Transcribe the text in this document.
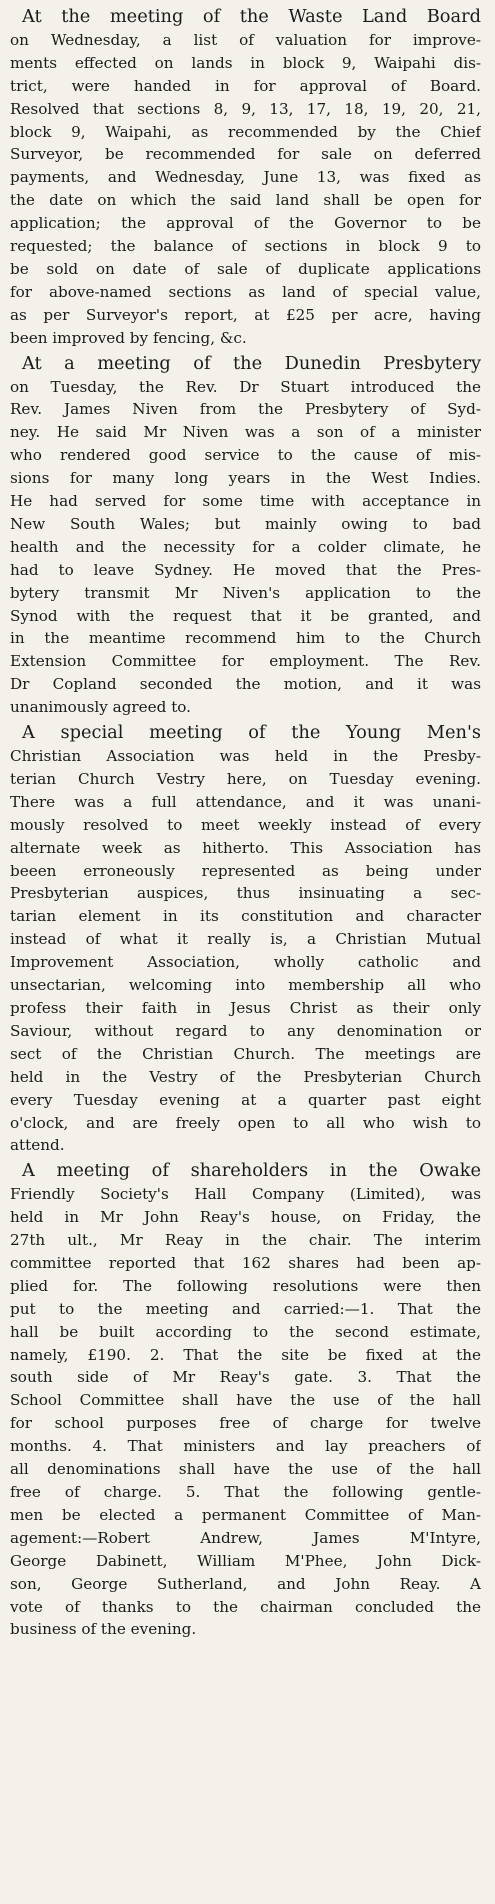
At the meeting of the Waste Land Board
on Wednesday, a list of valuation for improve-
ments effected on lands in block 9, Waipahi dis-
trict, were handed in for approval of Board.
Resolved that sections 8, 9, 13, 17, 18, 19, 20, 21,
block 9, Waipahi, as recommended by the Chief
Surveyor, be recommended for sale on deferred
payments, and Wednesday, June 13, was fixed as
the date on which the said land shall be open for
application; the approval of the Governor to be
requested; the balance of sections in block 9 to
be sold on date of sale of duplicate applications
for above-named sections as land of special value,
as per Surveyor's report, at £25 per acre, having
been improved by fencing, &c.
At a meeting of the Dunedin Presbytery
on Tuesday, the Rev. Dr Stuart introduced the
Rev. James Niven from the Presbytery of Syd-
ney. He said Mr Niven was a son of a minister
who rendered good service to the cause of mis-
sions for many long years in the West Indies.
He had served for some time with acceptance in
New South Wales; but mainly owing to bad
health and the necessity for a colder climate, he
had to leave Sydney. He moved that the Pres-
bytery transmit Mr Niven's application to the
Synod with the request that it be granted, and
in the meantime recommend him to the Church
Extension Committee for employment. The Rev.
Dr Copland seconded the motion, and it was
unanimously agreed to.
A special meeting of the Young Men's
Christian Association was held in the Presby-
terian Church Vestry here, on Tuesday evening.
There was a full attendance, and it was unani-
mously resolved to meet weekly instead of every
alternate week as hitherto. This Association has
beeen erroneously represented as being under
Presbyterian auspices, thus insinuating a sec-
tarian element in its constitution and character
instead of what it really is, a Christian Mutual
Improvement Association, wholly catholic and
unsectarian, welcoming into membership all who
profess their faith in Jesus Christ as their only
Saviour, without regard to any denomination or
sect of the Christian Church. The meetings are
held in the Vestry of the Presbyterian Church
every Tuesday evening at a quarter past eight
o'clock, and are freely open to all who wish to
attend.
A meeting of shareholders in the Owake
Friendly Society's Hall Company (Limited), was
held in Mr John Reay's house, on Friday, the
27th ult., Mr Reay in the chair. The interim
committee reported that 162 shares had been ap-
plied for. The following resolutions were then
put to the meeting and carried:—1. That the
hall be built according to the second estimate,
namely, £190. 2. That the site be fixed at the
south side of Mr Reay's gate. 3. That the
School Committee shall have the use of the hall
for school purposes free of charge for twelve
months. 4. That ministers and lay preachers of
all denominations shall have the use of the hall
free of charge. 5. That the following gentle-
men be elected a permanent Committee of Man-
agement:—Robert Andrew, James M'Intyre,
George Dabinett, William M'Phee, John Dick-
son, George Sutherland, and John Reay. A
vote of thanks to the chairman concluded the
business of the evening.
